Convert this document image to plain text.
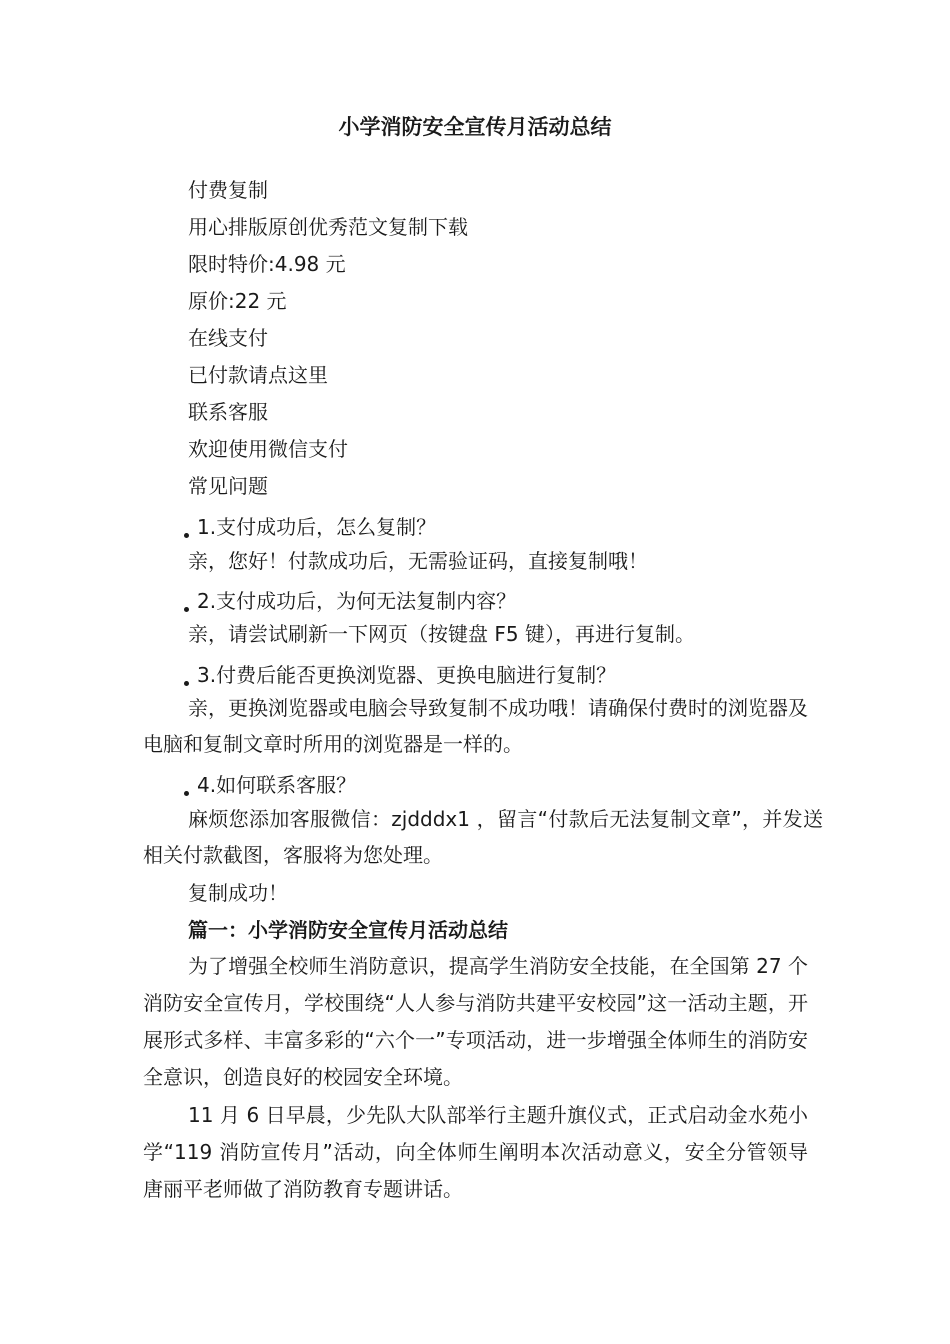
小学消防安全宣传月活动总结
付费复制
用心排版原创优秀范文复制下载
限时特价:4.98 元
原价:22 元
在线支付
已付款请点这里
联系客服
欢迎使用微信支付
常见问题
1.支付成功后，怎么复制？
亲，您好！付款成功后，无需验证码，直接复制哦！
2.支付成功后，为何无法复制内容？
亲，请尝试刷新一下网页（按键盘 F5 键），再进行复制。
3.付费后能否更换浏览器、更换电脑进行复制？
亲，更换浏览器或电脑会导致复制不成功哦！请确保付费时的浏览器及电脑和复制文章时所用的浏览器是一样的。
4.如何联系客服？
麻烦您添加客服微信：zjdddx1 ，留言“付款后无法复制文章”，并发送相关付款截图，客服将为您处理。
复制成功！
篇一：小学消防安全宣传月活动总结
为了增强全校师生消防意识，提高学生消防安全技能，在全国第 27 个消防安全宣传月，学校围绕“人人参与消防共建平安校园”这一活动主题，开展形式多样、丰富多彩的“六个一”专项活动，进一步增强全体师生的消防安全意识，创造良好的校园安全环境。
11 月 6 日早晨，少先队大队部举行主题升旗仪式，正式启动金水苑小学“119 消防宣传月”活动，向全体师生阐明本次活动意义，安全分管领导唐丽平老师做了消防教育专题讲话。
